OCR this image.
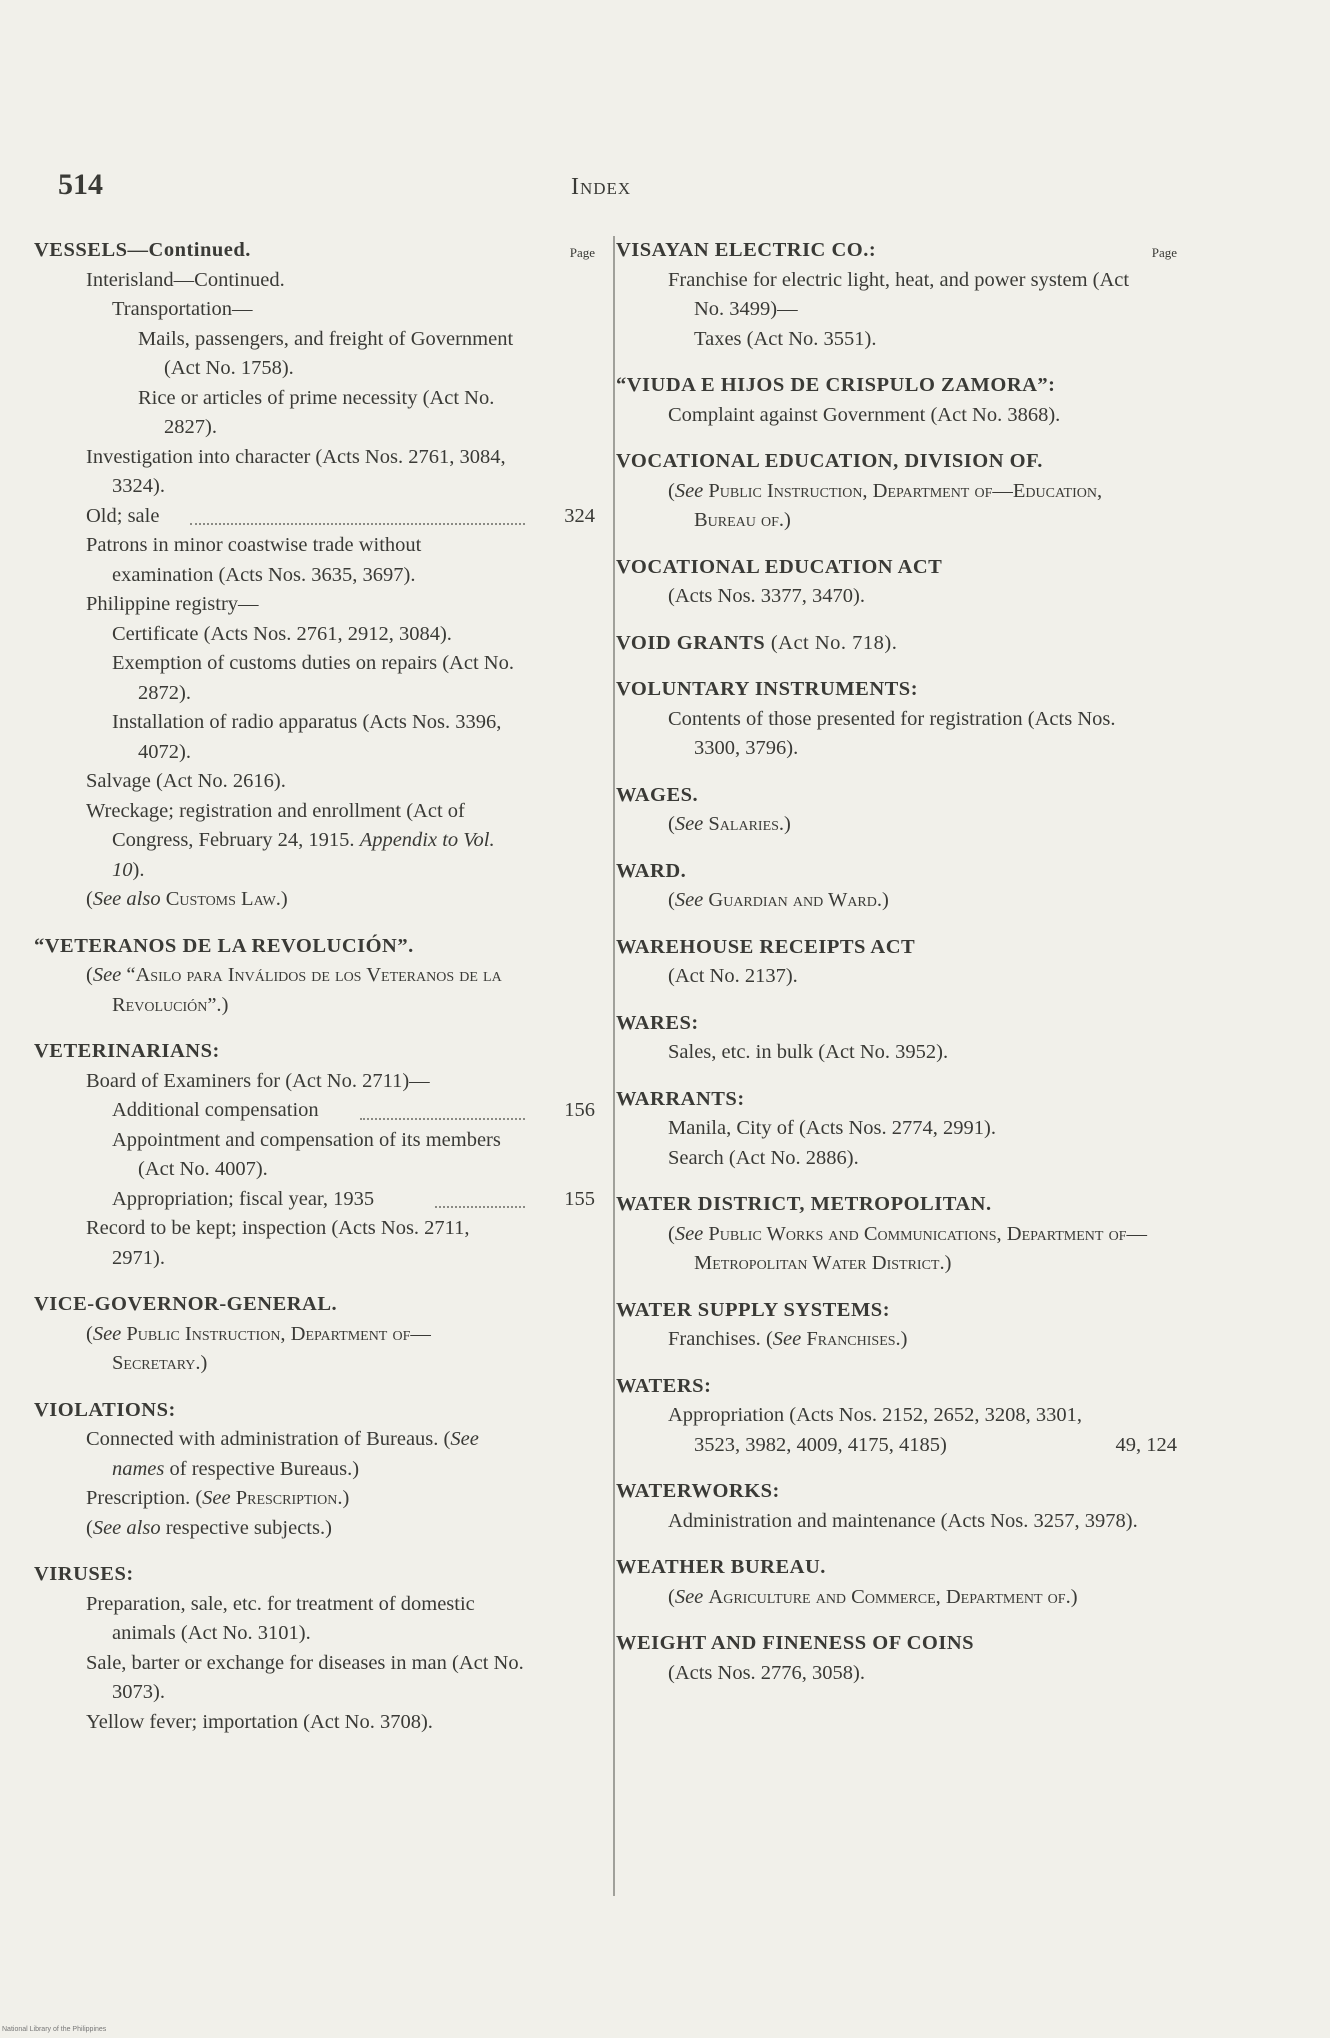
514	Index
Page
VESSELS—Continued.
Interisland—Continued.
Transportation—
Mails, passengers, and freight of Government (Act No. 1758).
Rice or articles of prime necessity (Act No. 2827).
Investigation into character (Acts Nos. 2761, 3084, 3324).
Old; sale	324
Patrons in minor coastwise trade without examination (Acts Nos. 3635, 3697).
Philippine registry—
Certificate (Acts Nos. 2761, 2912, 3084).
Exemption of customs duties on repairs (Act No. 2872).
Installation of radio apparatus (Acts Nos. 3396, 4072).
Salvage (Act No. 2616).
Wreckage; registration and enrollment (Act of Congress, February 24, 1915. Appendix to Vol. 10).
(See also Customs Law.)
“VETERANOS DE LA REVOLUCIÓN”.
(See “Asilo para Inválidos de los Veteranos de la Revolución”.)
VETERINARIANS:
Board of Examiners for (Act No. 2711)—
Additional compensation	156
Appointment and compensation of its members (Act No. 4007).
Appropriation; fiscal year, 1935	155
Record to be kept; inspection (Acts Nos. 2711, 2971).
VICE-GOVERNOR-GENERAL.
(See Public Instruction, Department of—Secretary.)
VIOLATIONS:
Connected with administration of Bureaus. (See names of respective Bureaus.)
Prescription. (See Prescription.)
(See also respective subjects.)
VIRUSES:
Preparation, sale, etc. for treatment of domestic animals (Act No. 3101).
Sale, barter or exchange for diseases in man (Act No. 3073).
Yellow fever; importation (Act No. 3708).
Page
VISAYAN ELECTRIC CO.:
Franchise for electric light, heat, and power system (Act No. 3499)—
Taxes (Act No. 3551).
“VIUDA E HIJOS DE CRISPULO ZAMORA”:
Complaint against Government (Act No. 3868).
VOCATIONAL EDUCATION, DIVISION OF.
(See Public Instruction, Department of—Education, Bureau of.)
VOCATIONAL EDUCATION ACT
(Acts Nos. 3377, 3470).
VOID GRANTS (Act No. 718).
VOLUNTARY INSTRUMENTS:
Contents of those presented for registration (Acts Nos. 3300, 3796).
WAGES.
(See Salaries.)
WARD.
(See Guardian and Ward.)
WAREHOUSE RECEIPTS ACT
(Act No. 2137).
WARES:
Sales, etc. in bulk (Act No. 3952).
WARRANTS:
Manila, City of (Acts Nos. 2774, 2991).
Search (Act No. 2886).
WATER DISTRICT, METROPOLITAN.
(See Public Works and Communications, Department of—Metropolitan Water District.)
WATER SUPPLY SYSTEMS:
Franchises. (See Franchises.)
WATERS:
Appropriation (Acts Nos. 2152, 2652, 3208, 3301, 3523, 3982, 4009, 4175, 4185)	49, 124
WATERWORKS:
Administration and maintenance (Acts Nos. 3257, 3978).
WEATHER BUREAU.
(See Agriculture and Commerce, Department of.)
WEIGHT AND FINENESS OF COINS
(Acts Nos. 2776, 3058).
National Library of the Philippines
